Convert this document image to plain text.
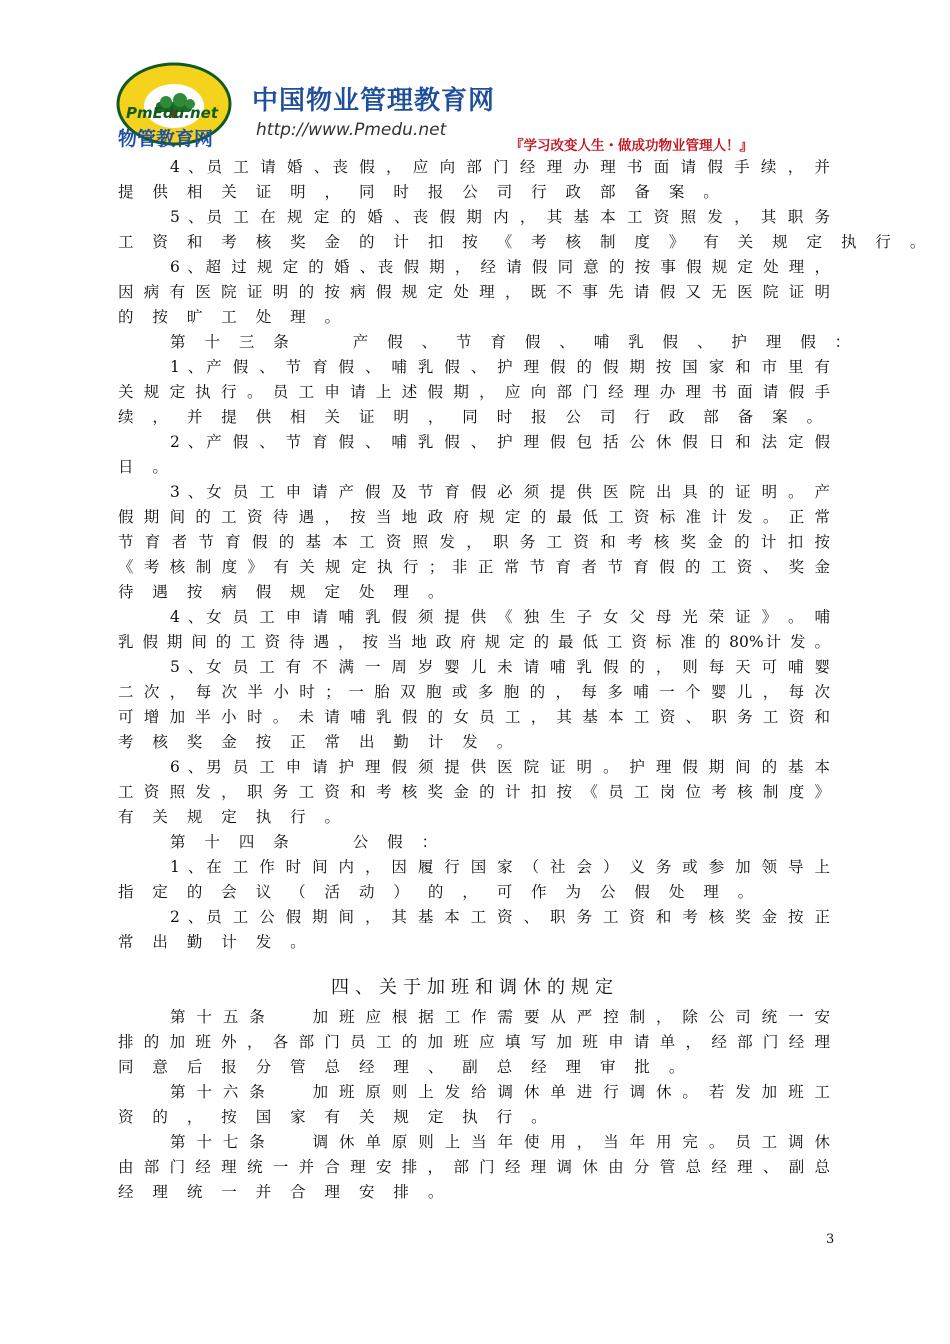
PmEdu.net
物管教育网
中国物业管理教育网
http://www.Pmedu.net
『学习改变人生・做成功物业管理人！』
4 、员 工 请 婚 、丧 假 ， 应 向 部 门 经 理 办 理 书 面 请 假 手 续 ， 并
提 供 相 关 证 明 ， 同 时 报 公 司 行 政 部 备 案 。
5 、员 工 在 规 定 的 婚 、丧 假 期 内 ， 其 基 本 工 资 照 发 ， 其 职 务
工 资 和 考 核 奖 金 的 计 扣 按 《 考 核 制 度 》 有 关 规 定 执 行 。
6 、超 过 规 定 的 婚 、丧 假 期 ， 经 请 假 同 意 的 按 事 假 规 定 处 理 ，
因 病 有 医 院 证 明 的 按 病 假 规 定 处 理 ， 既 不 事 先 请 假 又 无 医 院 证 明
的 按 旷 工 处 理 。
第 十 三 条　　 产 假 、 节 育 假 、 哺 乳 假 、 护 理 假 ：
1 、产 假 、 节 育 假 、 哺 乳 假 、 护 理 假 的 假 期 按 国 家 和 市 里 有
关 规 定 执 行 。 员 工 申 请 上 述 假 期 ， 应 向 部 门 经 理 办 理 书 面 请 假 手
续 ， 并 提 供 相 关 证 明 ， 同 时 报 公 司 行 政 部 备 案 。
2 、产 假 、 节 育 假 、 哺 乳 假 、 护 理 假 包 括 公 休 假 日 和 法 定 假
日 。
3 、女 员 工 申 请 产 假 及 节 育 假 必 须 提 供 医 院 出 具 的 证 明 。 产
假 期 间 的 工 资 待 遇 ， 按 当 地 政 府 规 定 的 最 低 工 资 标 准 计 发 。 正 常
节 育 者 节 育 假 的 基 本 工 资 照 发 ， 职 务 工 资 和 考 核 奖 金 的 计 扣 按
《 考 核 制 度 》 有 关 规 定 执 行 ； 非 正 常 节 育 者 节 育 假 的 工 资 、 奖 金
待 遇 按 病 假 规 定 处 理 。
4 、女 员 工 申 请 哺 乳 假 须 提 供 《 独 生 子 女 父 母 光 荣 证 》 。 哺
乳 假 期 间 的 工 资 待 遇 ， 按 当 地 政 府 规 定 的 最 低 工 资 标 准 的 80%计 发 。
5 、女 员 工 有 不 满 一 周 岁 婴 儿 未 请 哺 乳 假 的 ， 则 每 天 可 哺 婴
二 次 ， 每 次 半 小 时 ； 一 胎 双 胞 或 多 胞 的 ， 每 多 哺 一 个 婴 儿 ， 每 次
可 增 加 半 小 时 。 未 请 哺 乳 假 的 女 员 工 ， 其 基 本 工 资 、 职 务 工 资 和
考 核 奖 金 按 正 常 出 勤 计 发 。
6 、男 员 工 申 请 护 理 假 须 提 供 医 院 证 明 。 护 理 假 期 间 的 基 本
工 资 照 发 ， 职 务 工 资 和 考 核 奖 金 的 计 扣 按 《 员 工 岗 位 考 核 制 度 》
有 关 规 定 执 行 。
第 十 四 条　　 公 假 ：
1 、在 工 作 时 间 内 ， 因 履 行 国 家 （ 社 会 ） 义 务 或 参 加 领 导 上
指 定 的 会 议 （ 活 动 ） 的 ， 可 作 为 公 假 处 理 。
2 、员 工 公 假 期 间 ， 其 基 本 工 资 、 职 务 工 资 和 考 核 奖 金 按 正
常 出 勤 计 发 。
四、关于加班和调休的规定
第 十 五 条　　 加 班 应 根 据 工 作 需 要 从 严 控 制 ， 除 公 司 统 一 安
排 的 加 班 外 ， 各 部 门 员 工 的 加 班 应 填 写 加 班 申 请 单 ， 经 部 门 经 理
同 意 后 报 分 管 总 经 理 、 副 总 经 理 审 批 。
第 十 六 条　　 加 班 原 则 上 发 给 调 休 单 进 行 调 休 。 若 发 加 班 工
资 的 ， 按 国 家 有 关 规 定 执 行 。
第 十 七 条　　 调 休 单 原 则 上 当 年 使 用 ， 当 年 用 完 。 员 工 调 休
由 部 门 经 理 统 一 并 合 理 安 排 ， 部 门 经 理 调 休 由 分 管 总 经 理 、 副 总
经 理 统 一 并 合 理 安 排 。
3
